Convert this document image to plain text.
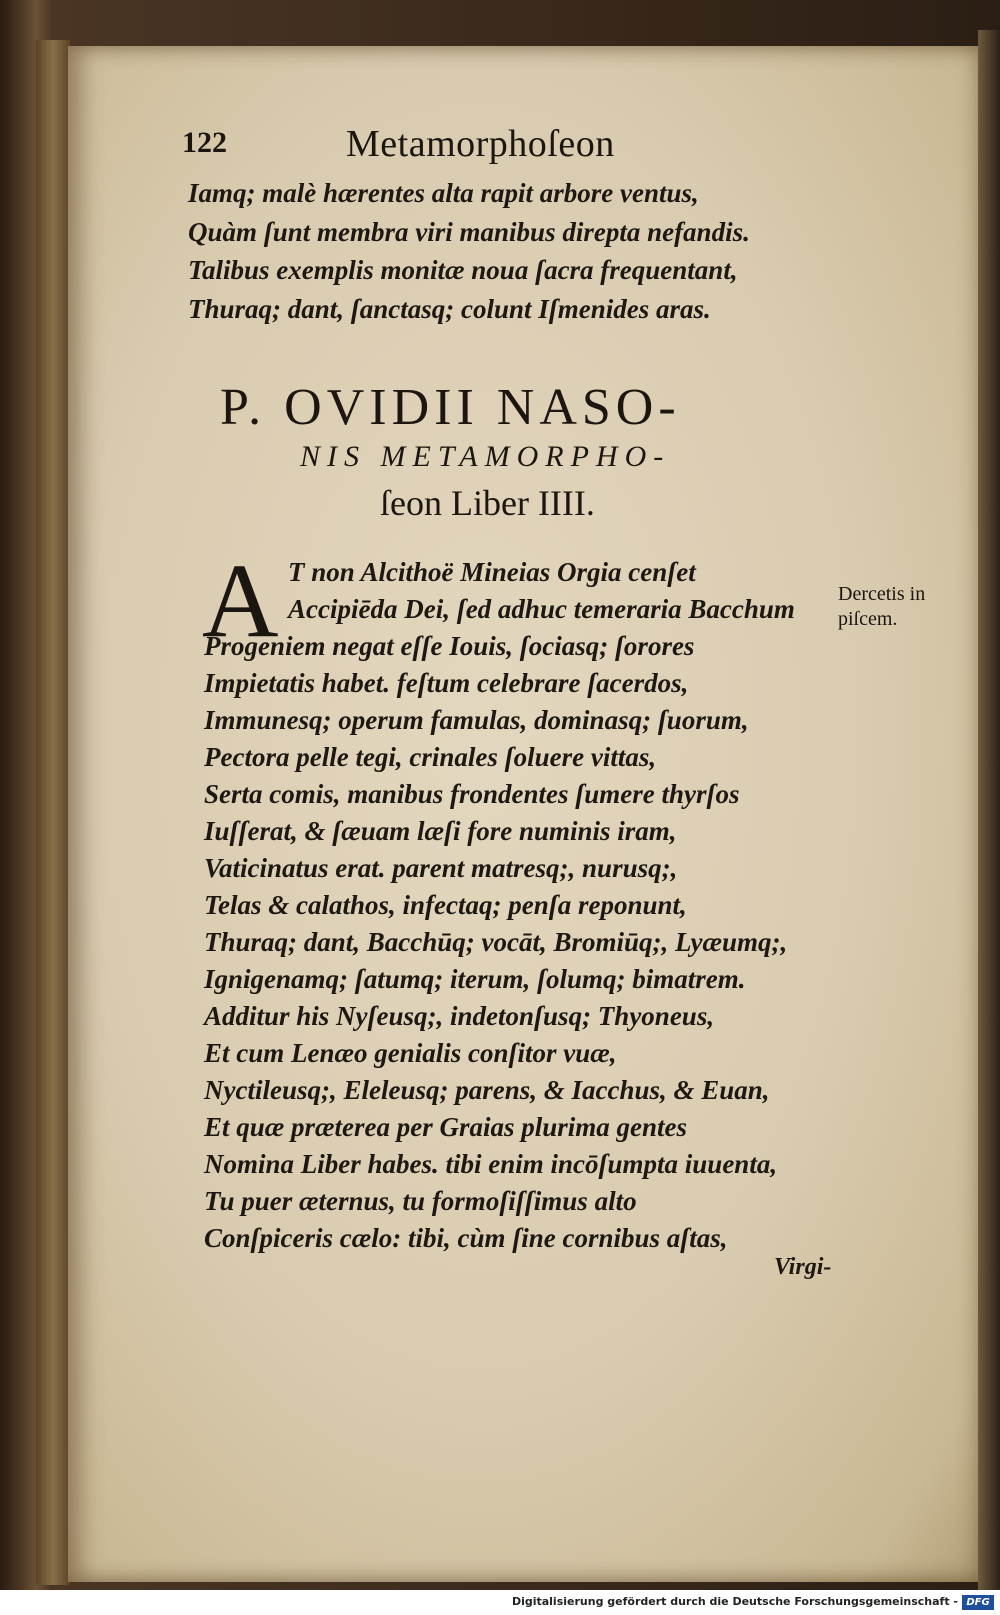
122	Metamorphoſeon
Iamq; malè hærentes alta rapit arbore ventus,
Quàm ſunt membra viri manibus direpta nefandis.
Talibus exemplis monitæ noua ſacra frequentant,
Thuraq; dant, ſanctasq; colunt Iſmenides aras.
P. OVIDII NASO-
NIS METAMORPHO-
ſeon Liber IIII.
A T non Alcithoë Mineias Orgia cenſet
Accipiēda Dei, ſed adhuc temeraria Bacchum
Progeniem negat eſſe Iouis, ſociasq; ſorores
Impietatis habet. feſtum celebrare ſacerdos,
Immunesq; operum famulas, dominasq; ſuorum,
Pectora pelle tegi, crinales ſoluere vittas,
Serta comis, manibus frondentes ſumere thyrſos
Iuſſerat, & ſæuam læſi fore numinis iram,
Vaticinatus erat. parent matresq;, nurusq;,
Telas & calathos, infectaq; penſa reponunt,
Thuraq; dant, Bacchūq; vocāt, Bromiūq;, Lyæumq;,
Ignigenamq; ſatumq; iterum, ſolumq; bimatrem.
Additur his Nyſeusq;, indetonſusq; Thyoneus,
Et cum Lenæo genialis conſitor vuæ,
Nyctileusq;, Eleleusq; parens, & Iacchus, & Euan,
Et quæ præterea per Graias plurima gentes
Nomina Liber habes. tibi enim incōſumpta iuuenta,
Tu puer æternus, tu formoſiſſimus alto
Conſpiceris cælo: tibi, cùm ſine cornibus aſtas,
Virgi-
Dercetis in
piſcem.
Digitalisierung gefördert durch die Deutsche Forschungsgemeinschaft - DFG
